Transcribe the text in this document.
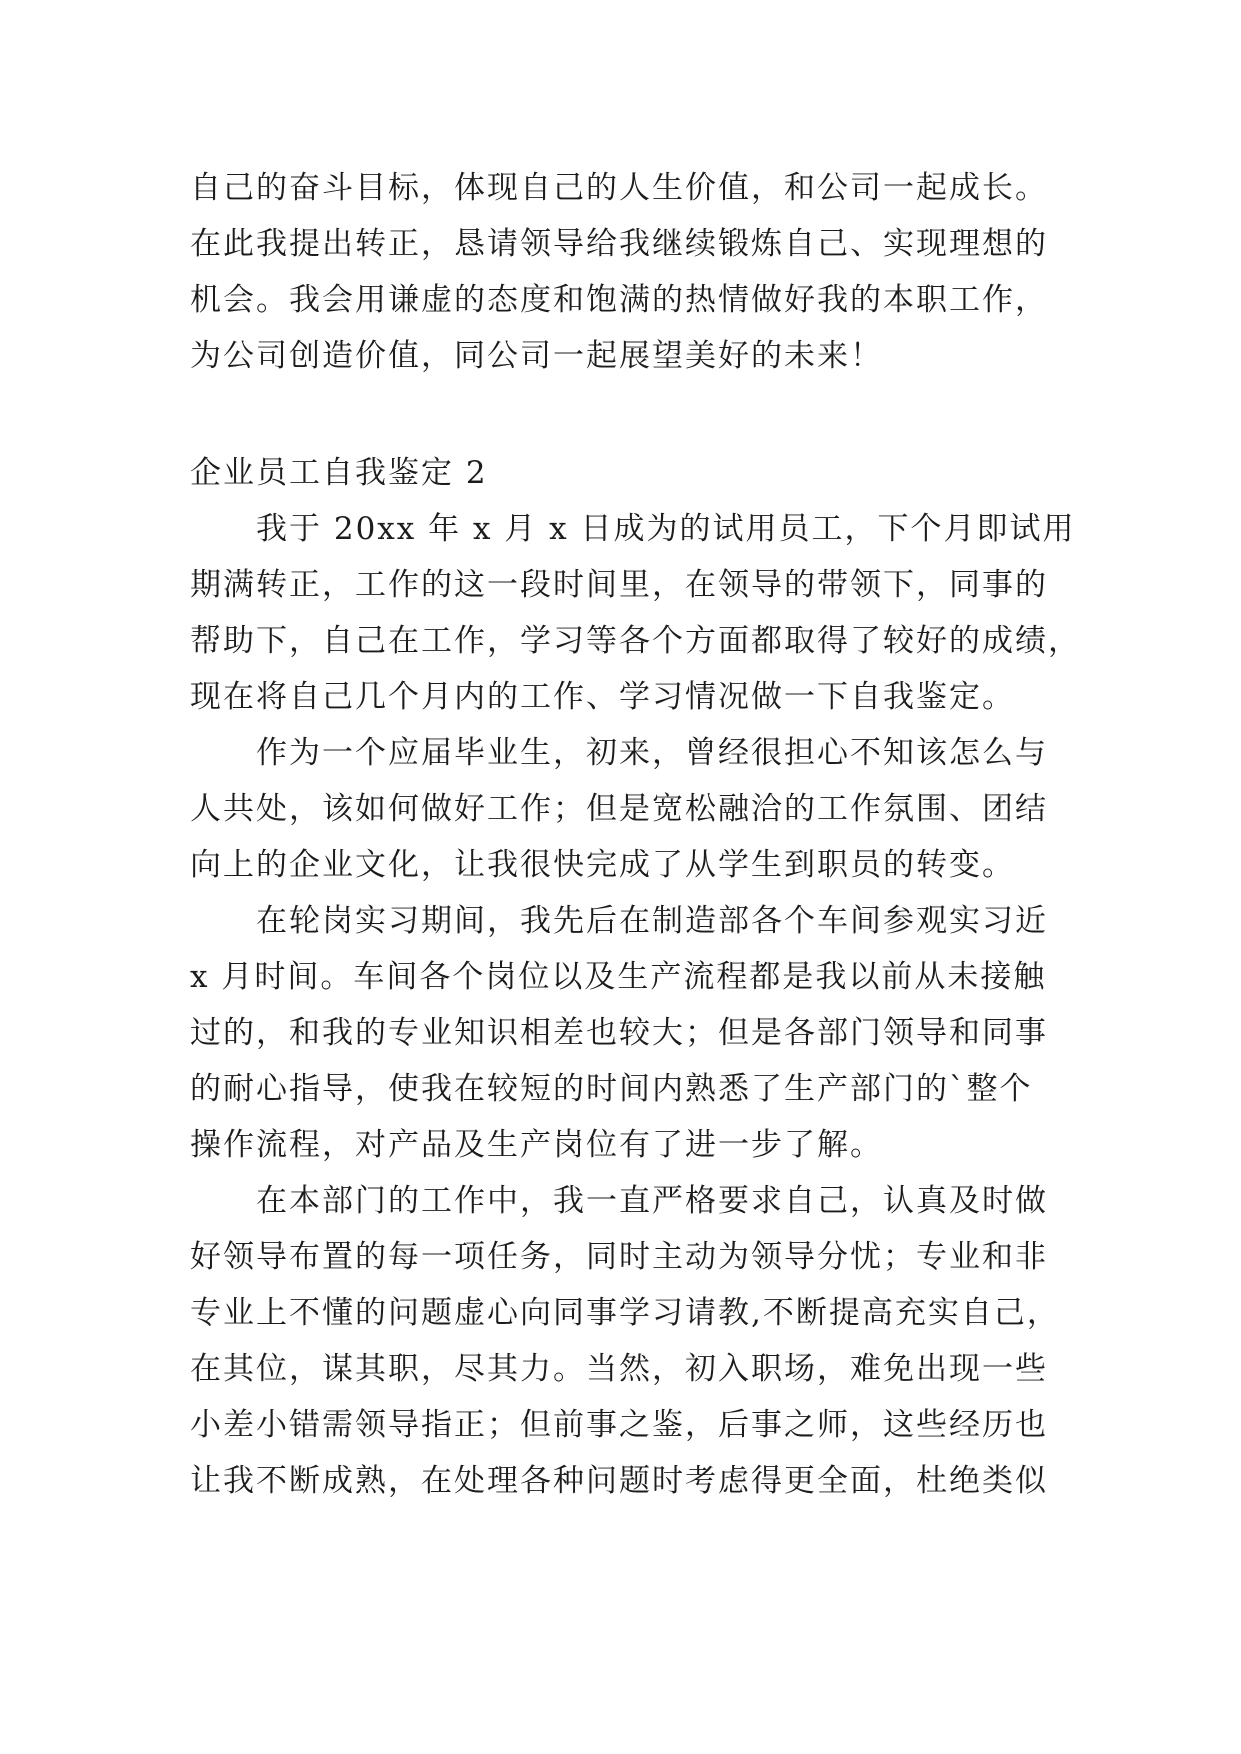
自己的奋斗目标，体现自己的人生价值，和公司一起成长。
在此我提出转正，恳请领导给我继续锻炼自己、实现理想的
机会。我会用谦虚的态度和饱满的热情做好我的本职工作，
为公司创造价值，同公司一起展望美好的未来！
企业员工自我鉴定 2
　　我于 20xx 年 x 月 x 日成为的试用员工，下个月即试用
期满转正，工作的这一段时间里，在领导的带领下，同事的
帮助下，自己在工作，学习等各个方面都取得了较好的成绩，
现在将自己几个月内的工作、学习情况做一下自我鉴定。
　　作为一个应届毕业生，初来，曾经很担心不知该怎么与
人共处，该如何做好工作；但是宽松融洽的工作氛围、团结
向上的企业文化，让我很快完成了从学生到职员的转变。
　　在轮岗实习期间，我先后在制造部各个车间参观实习近
x 月时间。车间各个岗位以及生产流程都是我以前从未接触
过的，和我的专业知识相差也较大；但是各部门领导和同事
的耐心指导，使我在较短的时间内熟悉了生产部门的`整个
操作流程，对产品及生产岗位有了进一步了解。
　　在本部门的工作中，我一直严格要求自己，认真及时做
好领导布置的每一项任务，同时主动为领导分忧；专业和非
专业上不懂的问题虚心向同事学习请教,不断提高充实自己，
在其位，谋其职，尽其力。当然，初入职场，难免出现一些
小差小错需领导指正；但前事之鉴，后事之师，这些经历也
让我不断成熟，在处理各种问题时考虑得更全面，杜绝类似
